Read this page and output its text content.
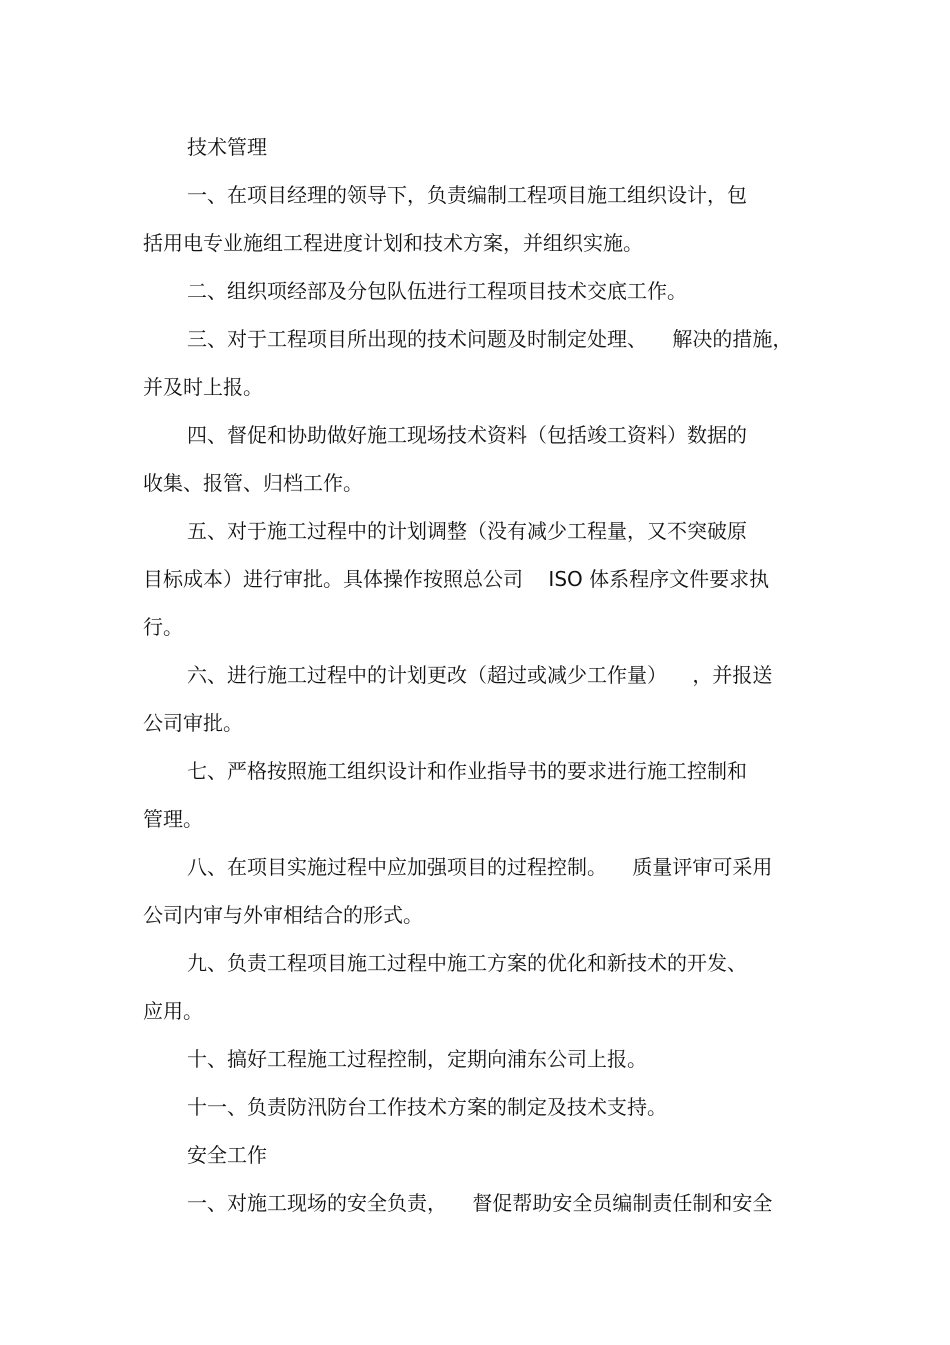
技术管理
一、在项目经理的领导下，负责编制工程项目施工组织设计，包
括用电专业施组工程进度计划和技术方案，并组织实施。
二、组织项经部及分包队伍进行工程项目技术交底工作。
三、对于工程项目所出现的技术问题及时制定处理、    解决的措施，
并及时上报。
四、督促和协助做好施工现场技术资料（包括竣工资料）数据的
收集、报管、归档工作。
五、对于施工过程中的计划调整（没有减少工程量，又不突破原
目标成本）进行审批。具体操作按照总公司    ISO 体系程序文件要求执
行。
六、进行施工过程中的计划更改（超过或减少工作量）    ，并报送
公司审批。
七、严格按照施工组织设计和作业指导书的要求进行施工控制和
管理。
八、在项目实施过程中应加强项目的过程控制。    质量评审可采用
公司内审与外审相结合的形式。
九、负责工程项目施工过程中施工方案的优化和新技术的开发、
应用。
十、搞好工程施工过程控制，定期向浦东公司上报。
十一、负责防汛防台工作技术方案的制定及技术支持。
安全工作
一、对施工现场的安全负责，    督促帮助安全员编制责任制和安全
